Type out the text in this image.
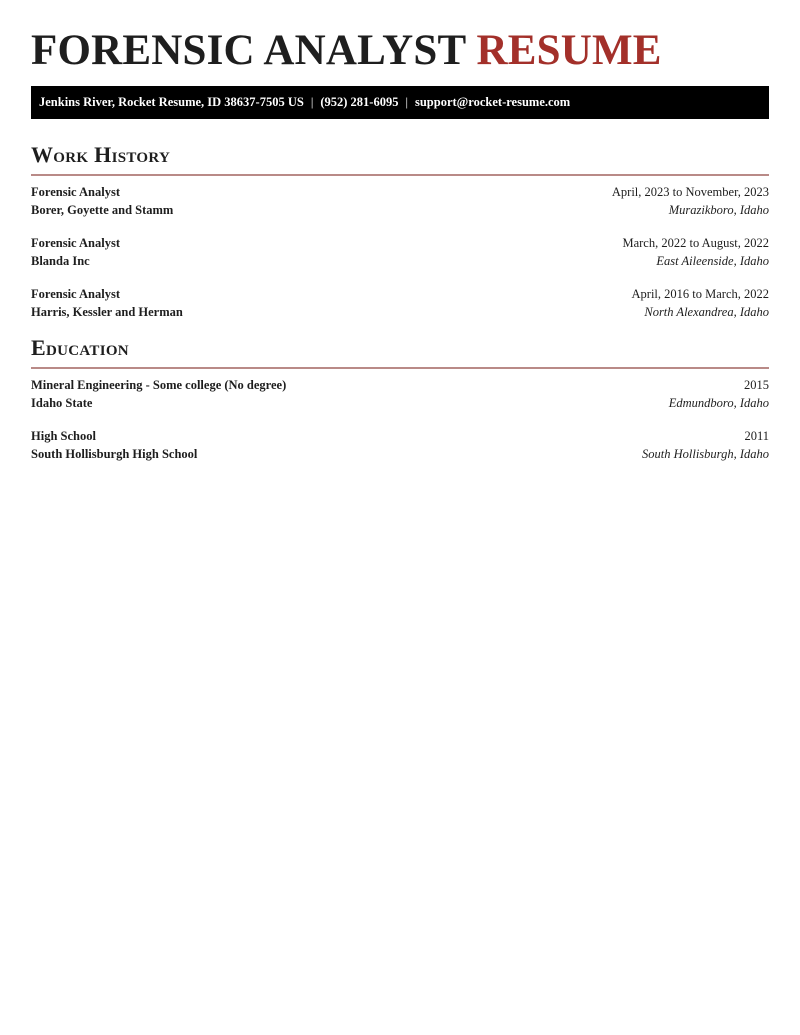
FORENSIC ANALYST RESUME
Jenkins River, Rocket Resume, ID 38637-7505 US | (952) 281-6095 | support@rocket-resume.com
Work History
Forensic Analyst
Borer, Goyette and Stamm
April, 2023 to November, 2023
Murazikboro, Idaho
Forensic Analyst
Blanda Inc
March, 2022 to August, 2022
East Aileenside, Idaho
Forensic Analyst
Harris, Kessler and Herman
April, 2016 to March, 2022
North Alexandrea, Idaho
Education
Mineral Engineering - Some college (No degree)
Idaho State
2015
Edmundboro, Idaho
High School
South Hollisburgh High School
2011
South Hollisburgh, Idaho
